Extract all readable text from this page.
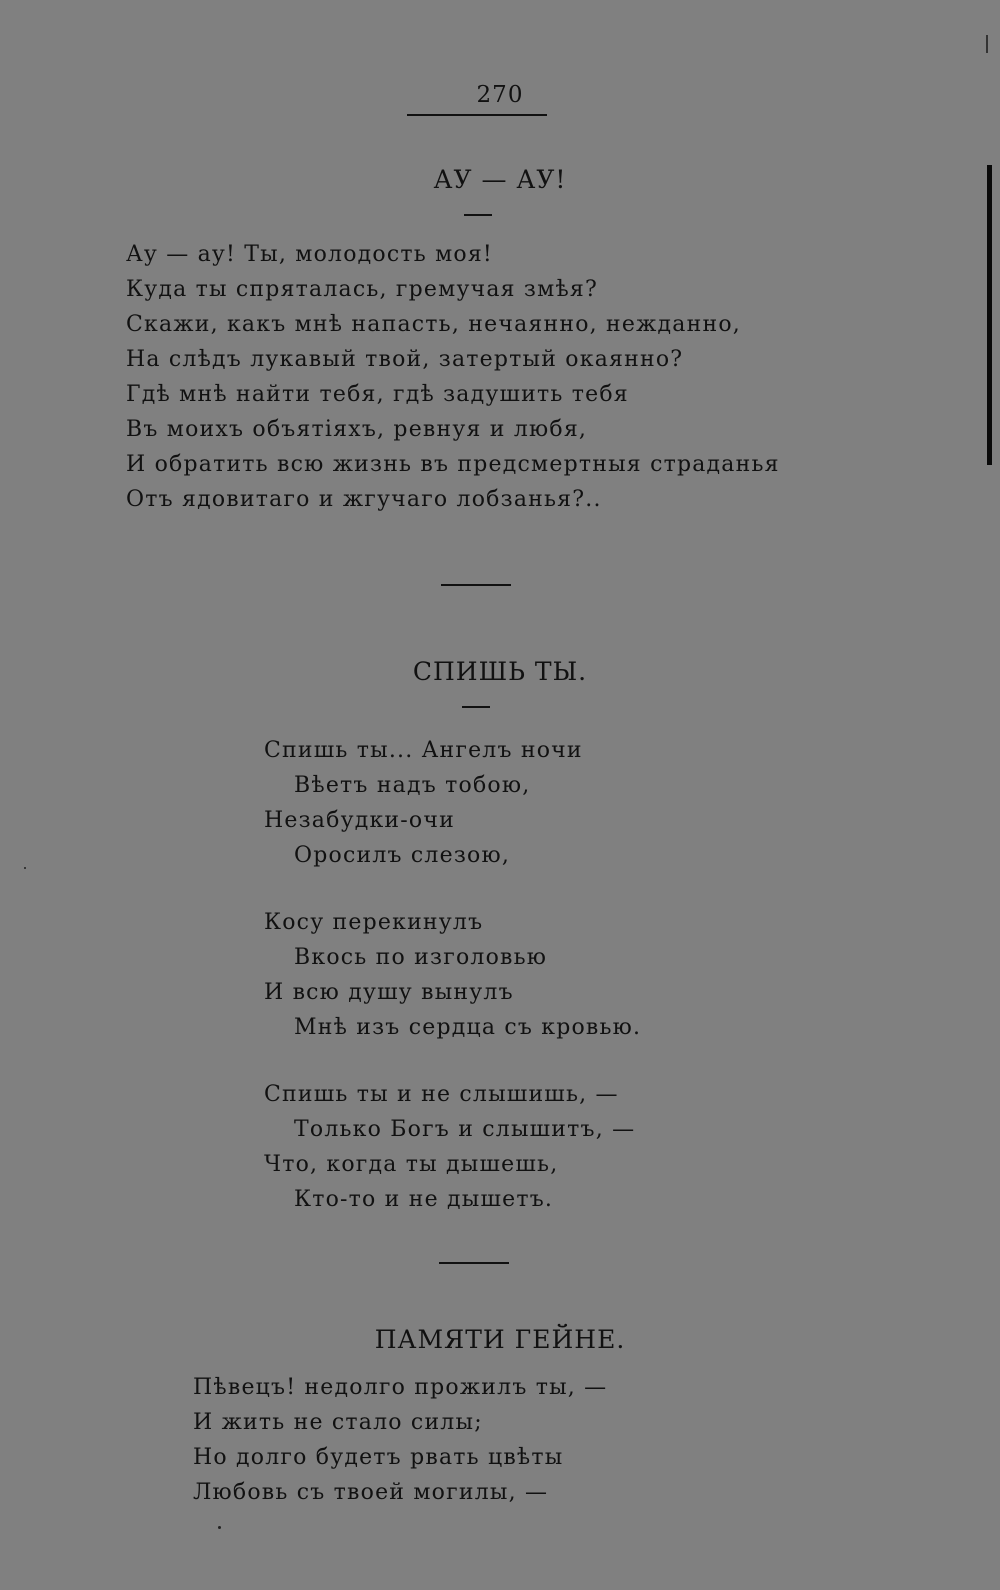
270
АУ — АУ!
Ау — ау! Ты, молодость моя!
Куда ты спряталась, гремучая змѣя?
Скажи, какъ мнѣ напасть, нечаянно, нежданно,
На слѣдъ лукавый твой, затертый окаянно?
Гдѣ мнѣ найти тебя, гдѣ задушить тебя
Въ моихъ объятіяхъ, ревнуя и любя,
И обратить всю жизнь въ предсмертныя страданья
Отъ ядовитаго и жгучаго лобзанья?..
СПИШЬ ТЫ.
Спишь ты... Ангелъ ночи
Вѣетъ надъ тобою,
Незабудки-очи
Оросилъ слезою,
Косу перекинулъ
Вкось по изголовью
И всю душу вынулъ
Мнѣ изъ сердца съ кровью.
Спишь ты и не слышишь, —
Только Богъ и слышитъ, —
Что, когда ты дышешь,
Кто-то и не дышетъ.
ПАМЯТИ ГЕЙНЕ.
Пѣвецъ! недолго прожилъ ты, —
И жить не стало силы;
Но долго будетъ рвать цвѣты
Любовь съ твоей могилы, —
